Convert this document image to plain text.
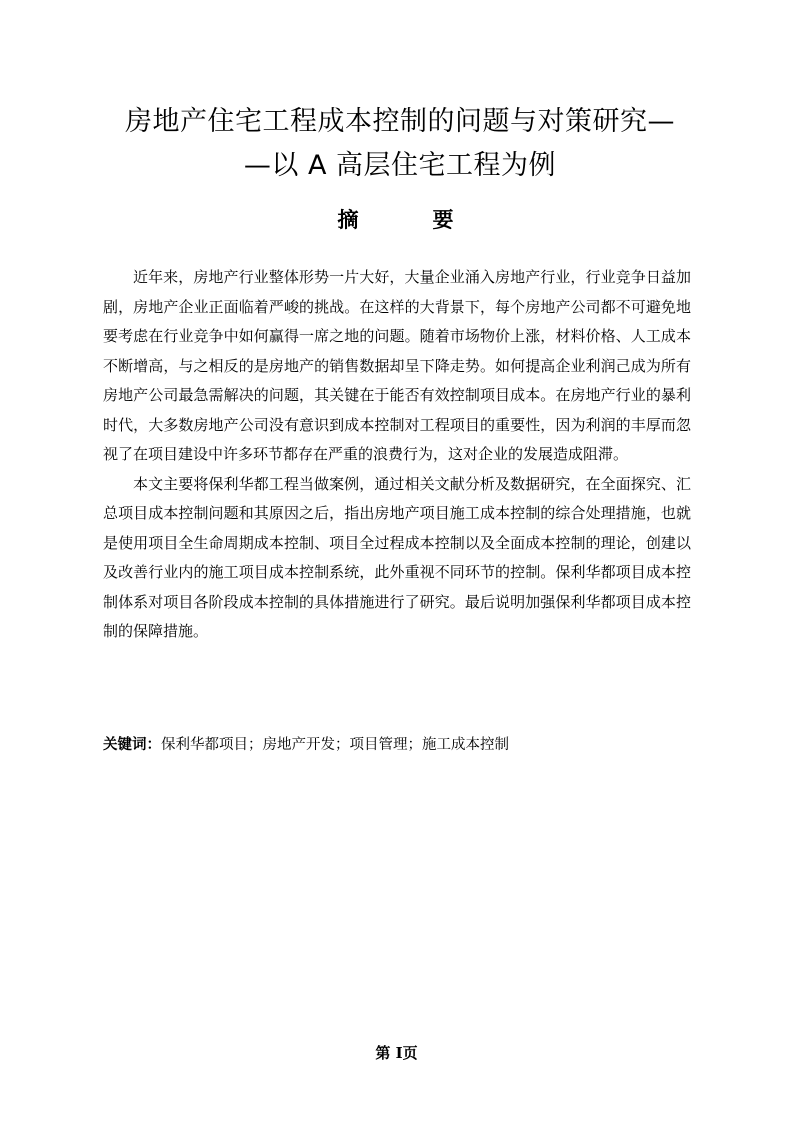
房地产住宅工程成本控制的问题与对策研究—
—以 A 高层住宅工程为例
摘	要

近年来，房地产行业整体形势一片大好，大量企业涌入房地产行业，行业竞争日益加剧，房地产企业正面临着严峻的挑战。在这样的大背景下，每个房地产公司都不可避免地要考虑在行业竞争中如何赢得一席之地的问题。随着市场物价上涨，材料价格、人工成本不断增高，与之相反的是房地产的销售数据却呈下降走势。如何提高企业利润己成为所有房地产公司最急需解决的问题，其关键在于能否有效控制项目成本。在房地产行业的暴利时代，大多数房地产公司没有意识到成本控制对工程项目的重要性，因为利润的丰厚而忽视了在项目建设中许多环节都存在严重的浪费行为，这对企业的发展造成阻滞。

本文主要将保利华都工程当做案例，通过相关文献分析及数据研究，在全面探究、汇总项目成本控制问题和其原因之后，指出房地产项目施工成本控制的综合处理措施，也就是使用项目全生命周期成本控制、项目全过程成本控制以及全面成本控制的理论，创建以及改善行业内的施工项目成本控制系统，此外重视不同环节的控制。保利华都项目成本控制体系对项目各阶段成本控制的具体措施进行了研究。最后说明加强保利华都项目成本控制的保障措施。

关键词：保利华都项目；房地产开发；项目管理；施工成本控制
第 I页
